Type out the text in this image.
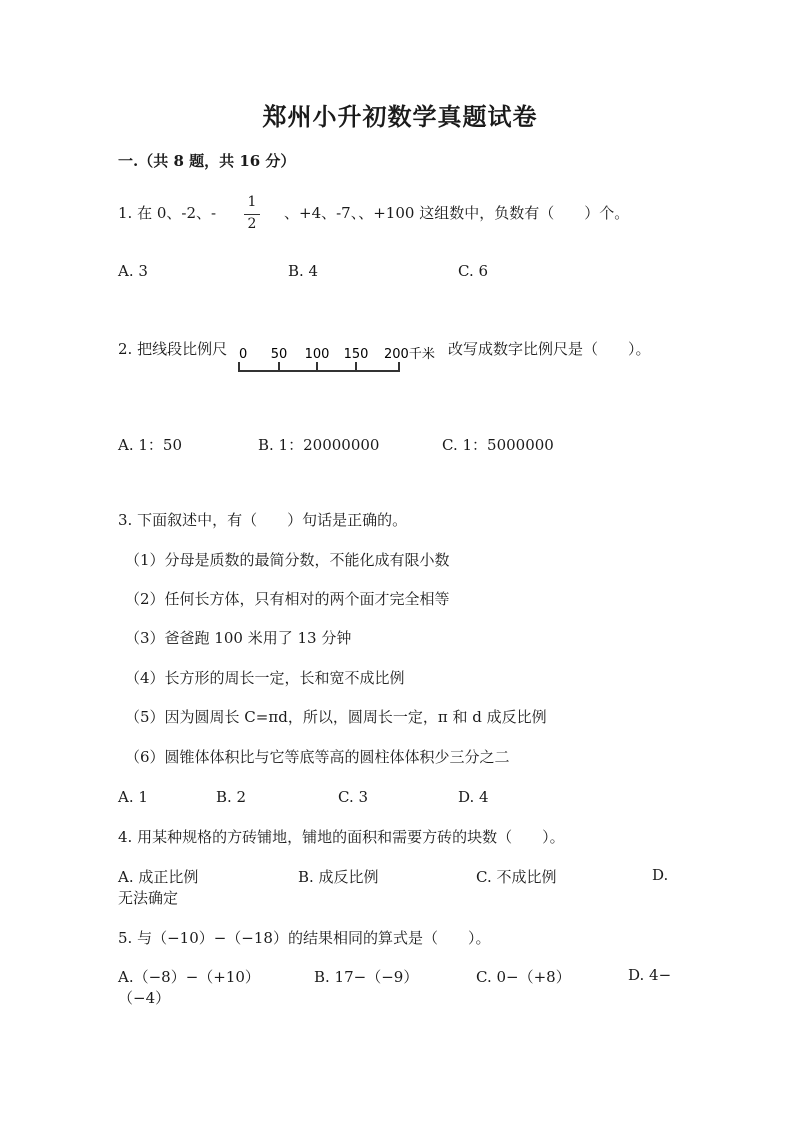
郑州小升初数学真题试卷
一.（共 8 题，共 16 分）
1. 在 0、-2、-
1
2
、+4、-7、、+100 这组数中，负数有（　　）个。
A. 3	B. 4	C. 6
2. 把线段比例尺 0 50 100 150 200千米 改写成数字比例尺是（　　）。
A. 1：50	B. 1：20000000	C. 1：5000000
3. 下面叙述中，有（　　）句话是正确的。
（1）分母是质数的最简分数，不能化成有限小数
（2）任何长方体，只有相对的两个面才完全相等
（3）爸爸跑 100 米用了 13 分钟
（4）长方形的周长一定，长和宽不成比例
（5）因为圆周长 C=πd，所以，圆周长一定，π 和 d 成反比例
（6）圆锥体体积比与它等底等高的圆柱体体积少三分之二
A. 1	B. 2	C. 3	D. 4
4. 用某种规格的方砖铺地，铺地的面积和需要方砖的块数（　　）。
A. 成正比例	B. 成反比例	C. 不成比例	D.
无法确定
5. 与（−10）−（−18）的结果相同的算式是（　　）。
A.（−8）−（+10）	B. 17−（−9）	C. 0−（+8）	D. 4−
（−4）
